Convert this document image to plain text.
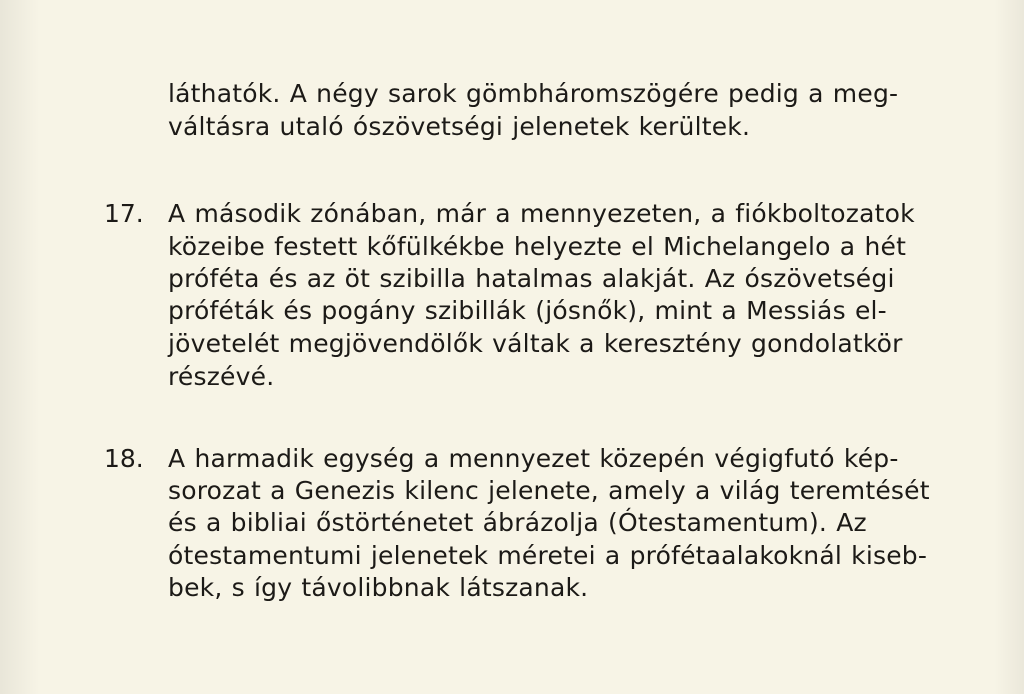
láthatók. A négy sarok gömbháromszögére pedig a meg-
váltásra utaló ószövetségi jelenetek kerültek.
17. A második zónában, már a mennyezeten, a fiókboltozatok
közeibe festett kőfülkékbe helyezte el Michelangelo a hét
próféta és az öt szibilla hatalmas alakját. Az ószövetségi
próféták és pogány szibillák (jósnők), mint a Messiás el-
jövetelét megjövendölők váltak a keresztény gondolatkör
részévé.
18. A harmadik egység a mennyezet közepén végigfutó kép-
sorozat a Genezis kilenc jelenete, amely a világ teremtését
és a bibliai őstörténetet ábrázolja (Ótestamentum). Az
ótestamentumi jelenetek méretei a prófétaalakoknál kiseb-
bek, s így távolibbnak látszanak.
